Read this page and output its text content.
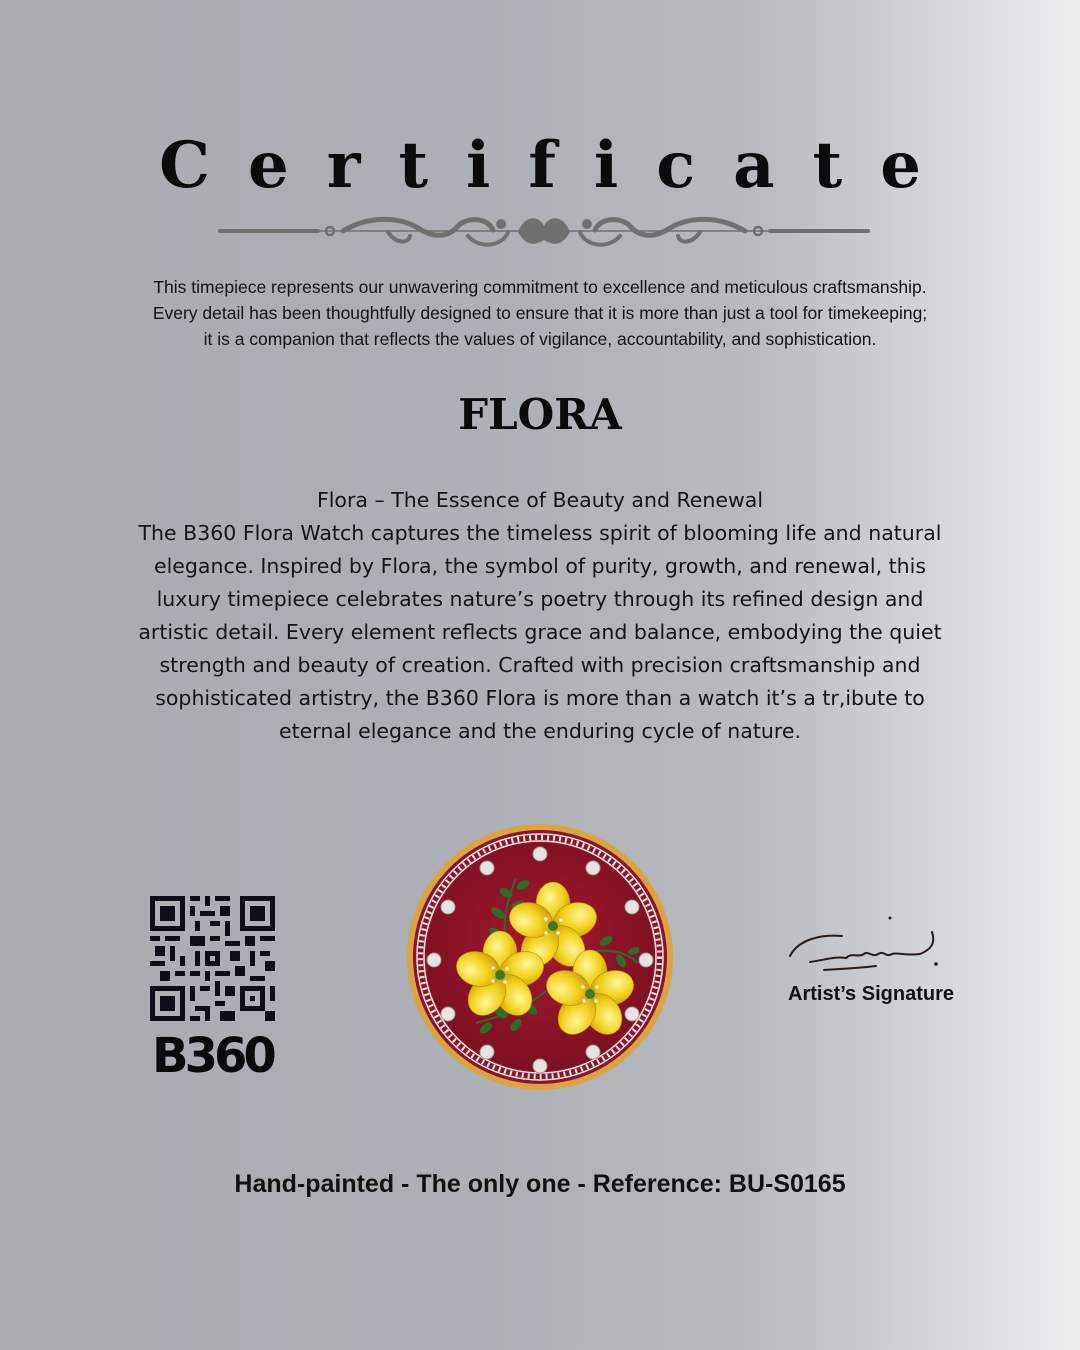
Certificate
This timepiece represents our unwavering commitment to excellence and meticulous craftsmanship.
Every detail has been thoughtfully designed to ensure that it is more than just a tool for timekeeping;
it is a companion that reflects the values of vigilance, accountability, and sophistication.
FLORA
Flora – The Essence of Beauty and Renewal
The B360 Flora Watch captures the timeless spirit of blooming life and natural
elegance. Inspired by Flora, the symbol of purity, growth, and renewal, this
luxury timepiece celebrates nature’s poetry through its refined design and
artistic detail. Every element reflects grace and balance, embodying the quiet
strength and beauty of creation. Crafted with precision craftsmanship and
sophisticated artistry, the B360 Flora is more than a watch it’s a tr,ibute to
eternal elegance and the enduring cycle of nature.
B360
Artist’s Signature
Hand-painted - The only one - Reference: BU-S0165
